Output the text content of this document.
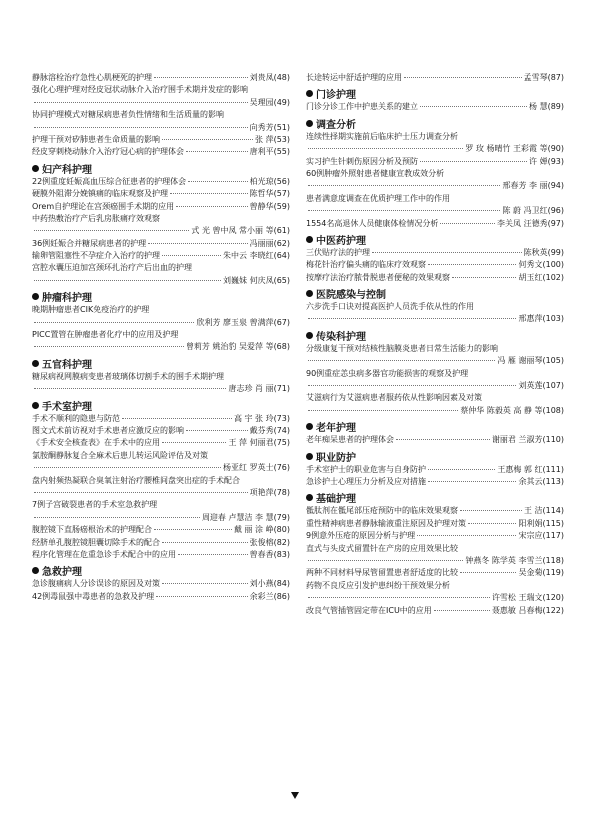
静脉溶栓治疗急性心肌梗死的护理	刘贵凤(48)
强化心理护理对经皮冠状动脉介入治疗围手术期并发症的影响
吴理园(49)
协同护理模式对糖尿病患者负性情绪和生活质量的影响
向秀芳(51)
护理干预对矽肺患者生命质量的影响	张 萍(53)
经皮穿刺桡动脉介入治疗冠心病的护理体会	唐利平(55)
妇产科护理
22例重度妊娠高血压综合征患者的护理体会	柏光琼(56)
硬膜外阻滞分娩镇痛的临床观察及护理	陈哲华(57)
Orem自护理论在宫颈癌围手术期的应用	曾静华(59)
中药热敷治疗产后乳房胀痛疗效观察
式 光 曾中凤 常小丽 等(61)
36例妊娠合并糖尿病患者的护理	冯丽丽(62)
输卵管阻塞性不孕症介入治疗的护理	朱中云 李晓红(64)
宫腔水囊压迫加宫颈环扎治疗产后出血的护理
刘巍妹 何庆凤(65)
肿瘤科护理
晚期肿瘤患者CIK免疫治疗的护理
欣利芳 廖玉泉 曾满萍(67)
PICC置管在肿瘤患者化疗中的应用及护理
曾莉芳 姚治豹 吴爱萍 等(68)
五官科护理
糖尿病视网膜病变患者玻璃体切割手术的围手术期护理
唐志珍 肖 丽(71)
手术室护理
手术不顺利的隐患与防范	高 宇 张 玲(73)
图文式术前访视对手术患者应激反应的影响	戴芬秀(74)
《手术安全核查表》在手术中的应用	王 萍 何丽君(75)
氯胺酮静脉复合全麻术后患儿转运风险评估及对策
杨亚红 罗英士(76)
盘内射频热凝联合臭氧注射治疗腰椎间盘突出症的手术配合
项艳萍(78)
7例子宫破裂患者的手术室急救护理
周迎春 卢慧洁 李 慧(79)
腹腔镜下直肠癌根治术的护理配合	戴 丽 涂 峥(80)
经脐单孔腹腔镜胆囊切除手术的配合	张俊榕(82)
程序化管理在危重急诊手术配合中的应用	曾春香(83)
急救护理
急诊腹痛病人分诊误诊的原因及对策	刘小燕(84)
42例毒鼠强中毒患者的急救及护理	余彩兰(86)
长途转运中舒适护理的应用	孟雪琴(87)
门诊护理
门诊分诊工作中护患关系的建立	杨 慧(89)
调查分析
连续性择期实施前后临床护士压力调查分析
罗 玫 杨晴竹 王彩霞 等(90)
实习护生针刺伤原因分析及预防	许 婵(93)
60例肿瘤外照射患者健康宣教成效分析
邢春芳 李 丽(94)
患者满意度调查在优质护理工作中的作用
陈 蔚 冯卫红(96)
1554名高退休人员健康体检情况分析	李关凤 汪德秀(97)
中医药护理
三伏贴疗法的护理	陈秋英(99)
梅花针治疗偏头痛的临床疗效观察	何秀文(100)
按摩疗法治疗脓骨脱患者便秘的效果观察	胡玉红(102)
医院感染与控制
六步洗手口诀对提高医护人员洗手依从性的作用
邢惠萍(103)
传染科护理
分级康复干预对结核性脑膜炎患者日常生活能力的影响
冯 雁 谢丽琴(105)
90例重症恙虫病多器官功能损害的观察及护理
刘英莲(107)
艾滋病行为艾滋病患者服药依从性影响因素及对策
蔡仲华 陈毅英 高 静 等(108)
老年护理
老年痴呆患者的护理体会	谢丽君 兰淑芳(110)
职业防护
手术室护士的职业危害与自身防护	王惠梅 郭 红(111)
急诊护士心理压力分析及应对措施	余其云(113)
基础护理
骶肽剂在骶尾部压疮预防中的临床效果观察	王 洁(114)
重性精神病患者静脉输液重注原因及护理对策	阳利娟(115)
9例意外压疮的原因分析与护理	宋宗应(117)
直式与头皮式留置针在产房的应用效果比较
钟燕冬 陈学英 李雪兰(118)
两种不同材料导尿管留置患者舒适度的比较	吴金菊(119)
药物不良反应引发护患纠纷干预效果分析
许雪松 王瑞文(120)
改良气管插管固定带在ICU中的应用	聂惠敏 吕春梅(122)
